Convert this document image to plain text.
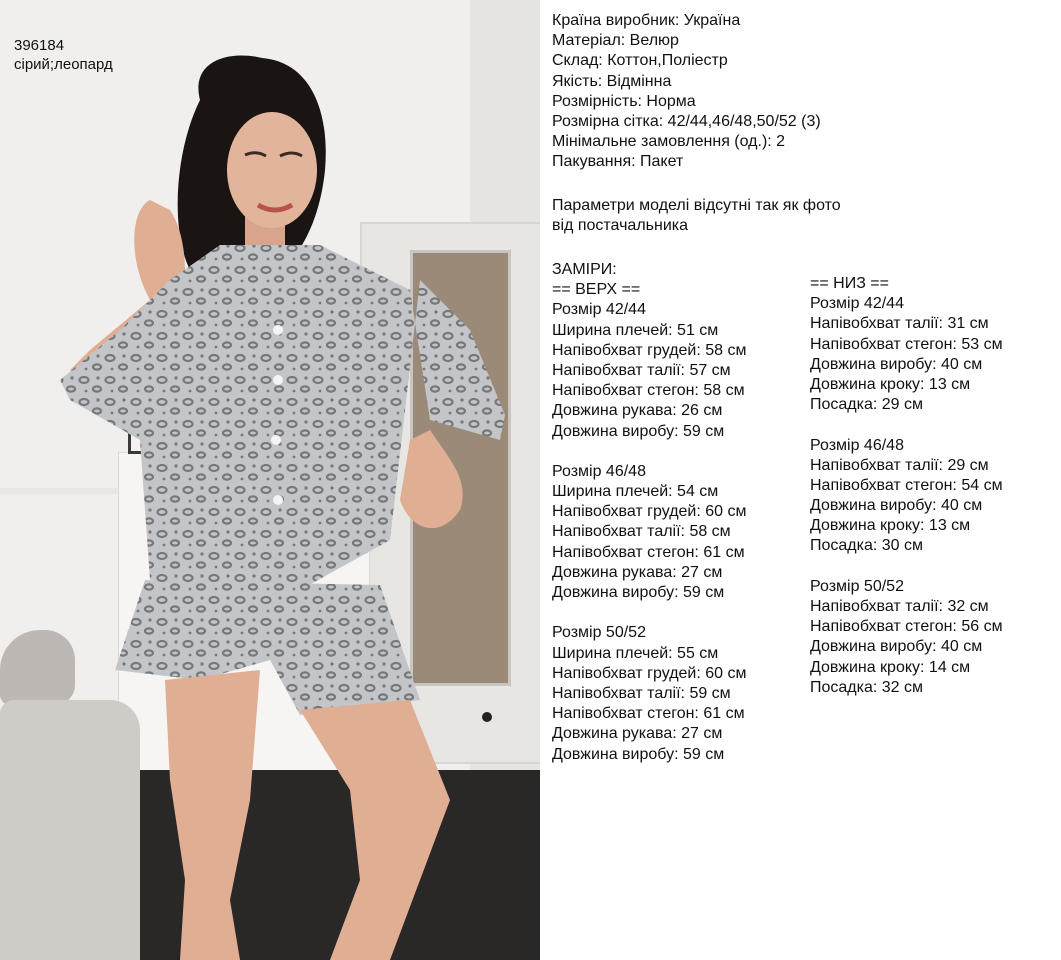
396184
сірий;леопард
Країна виробник: Україна
Матеріал: Велюр
Склад: Коттон,Поліестр
Якість: Відмінна
Розмірність: Норма
Розмірна сітка: 42/44,46/48,50/52 (3)
Мінімальне замовлення (од.): 2
Пакування: Пакет
Параметри моделі відсутні так як фото
від постачальника
ЗАМІРИ:
== ВЕРХ ==
Розмір 42/44
Ширина плечей: 51 см
Напівобхват грудей: 58 см
Напівобхват талії: 57 см
Напівобхват стегон: 58 см
Довжина рукава: 26 см
Довжина виробу: 59 см
Розмір 46/48
Ширина плечей: 54 см
Напівобхват грудей: 60 см
Напівобхват талії: 58 см
Напівобхват стегон: 61 см
Довжина рукава: 27 см
Довжина виробу: 59 см
Розмір 50/52
Ширина плечей: 55 см
Напівобхват грудей: 60 см
Напівобхват талії: 59 см
Напівобхват стегон: 61 см
Довжина рукава: 27 см
Довжина виробу: 59 см
== НИЗ ==
Розмір 42/44
Напівобхват талії: 31 см
Напівобхват стегон: 53 см
Довжина виробу: 40 см
Довжина кроку: 13 см
Посадка: 29 см
Розмір 46/48
Напівобхват талії: 29 см
Напівобхват стегон: 54 см
Довжина виробу: 40 см
Довжина кроку: 13 см
Посадка: 30 см
Розмір 50/52
Напівобхват талії: 32 см
Напівобхват стегон: 56 см
Довжина виробу: 40 см
Довжина кроку: 14 см
Посадка: 32 см
